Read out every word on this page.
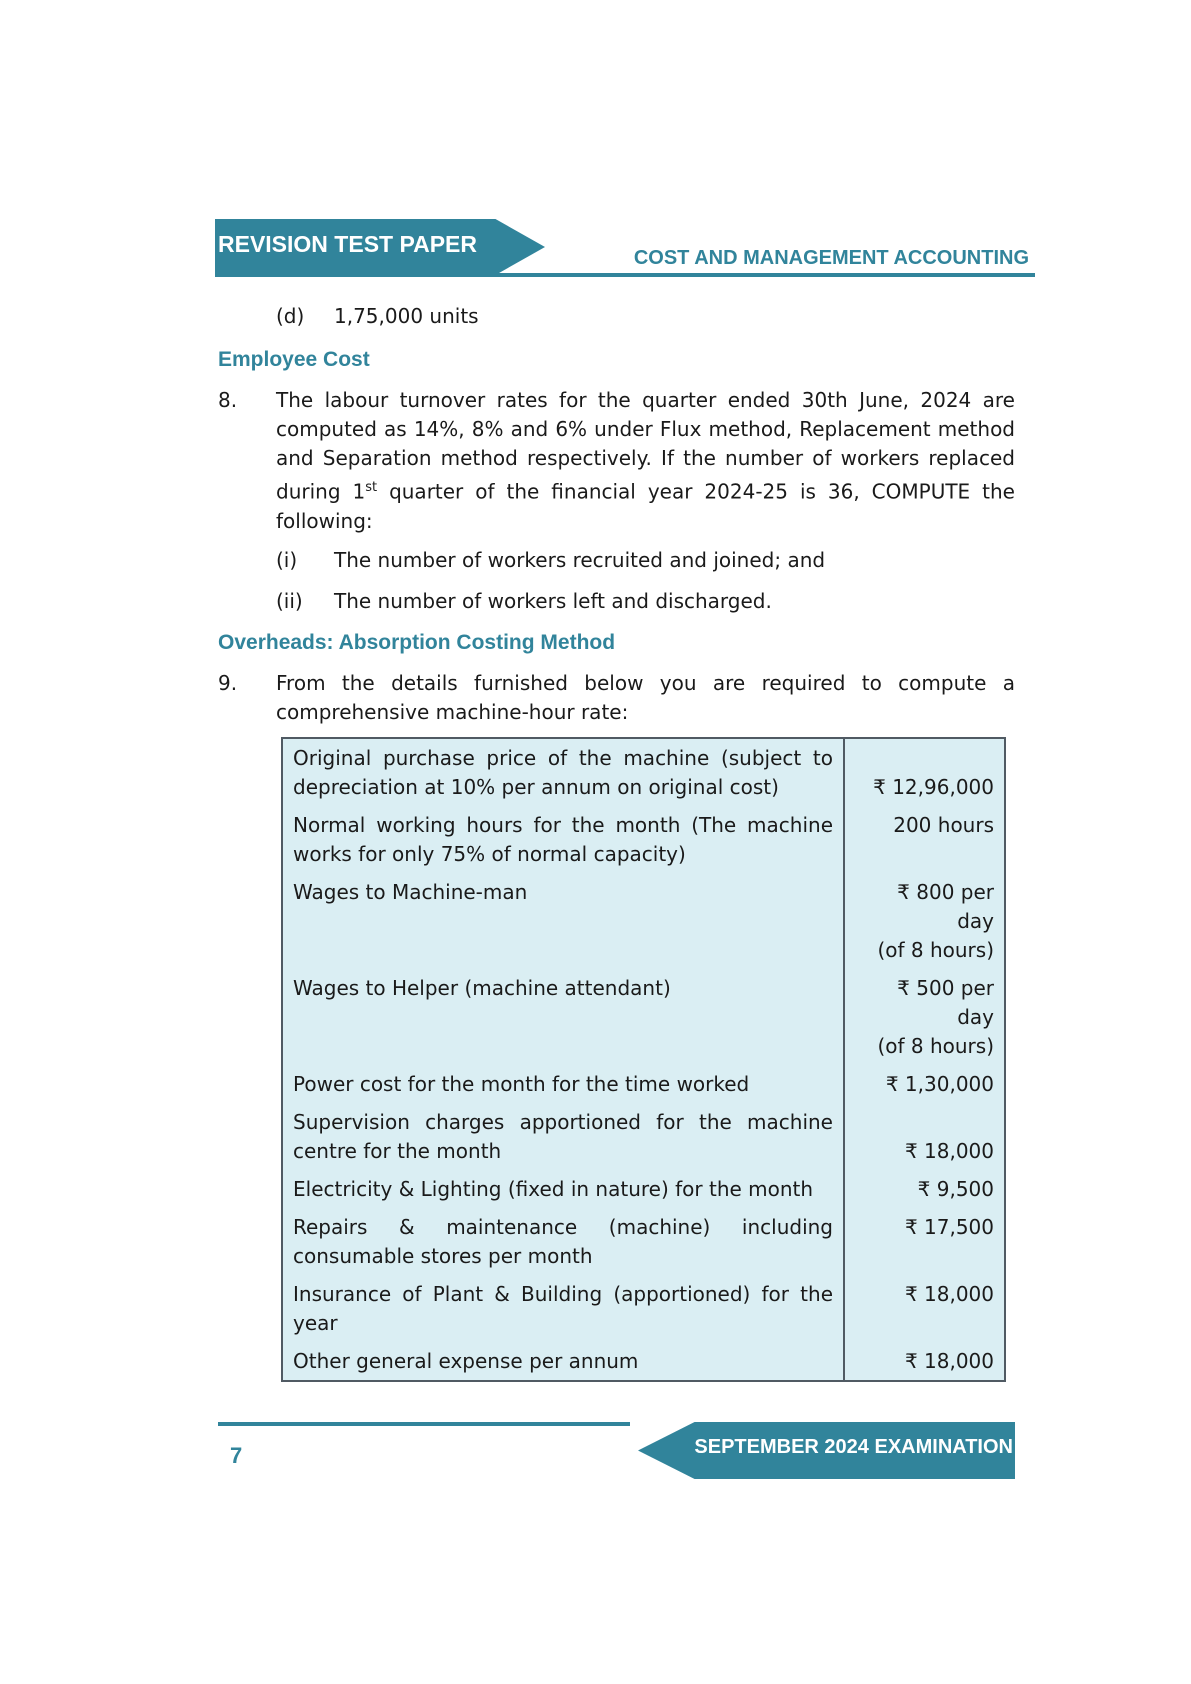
REVISION TEST PAPER
COST AND MANAGEMENT ACCOUNTING
(d)	1,75,000 units
Employee Cost
8.	The labour turnover rates for the quarter ended 30th June, 2024 are computed as 14%, 8% and 6% under Flux method, Replacement method and Separation method respectively. If the number of workers replaced during 1st quarter of the financial year 2024-25 is 36, COMPUTE the following:
(i)	The number of workers recruited and joined; and
(ii)	The number of workers left and discharged.
Overheads: Absorption Costing Method
9.	From the details furnished below you are required to compute a comprehensive machine-hour rate:
Original purchase price of the machine (subject to depreciation at 10% per annum on original cost)	₹ 12,96,000
Normal working hours for the month (The machine works for only 75% of normal capacity)	200 hours
Wages to Machine-man	₹ 800 per day
(of 8 hours)

Wages to Helper (machine attendant)	₹ 500 per day
(of 8 hours)

Power cost for the month for the time worked	₹ 1,30,000
Supervision charges apportioned for the machine centre for the month	₹ 18,000
Electricity & Lighting (fixed in nature) for the month	₹ 9,500
Repairs & maintenance (machine) including consumable stores per month	₹ 17,500
Insurance of Plant & Building (apportioned) for the year	₹ 18,000
Other general expense per annum	₹ 18,000
SEPTEMBER 2024 EXAMINATION
7
